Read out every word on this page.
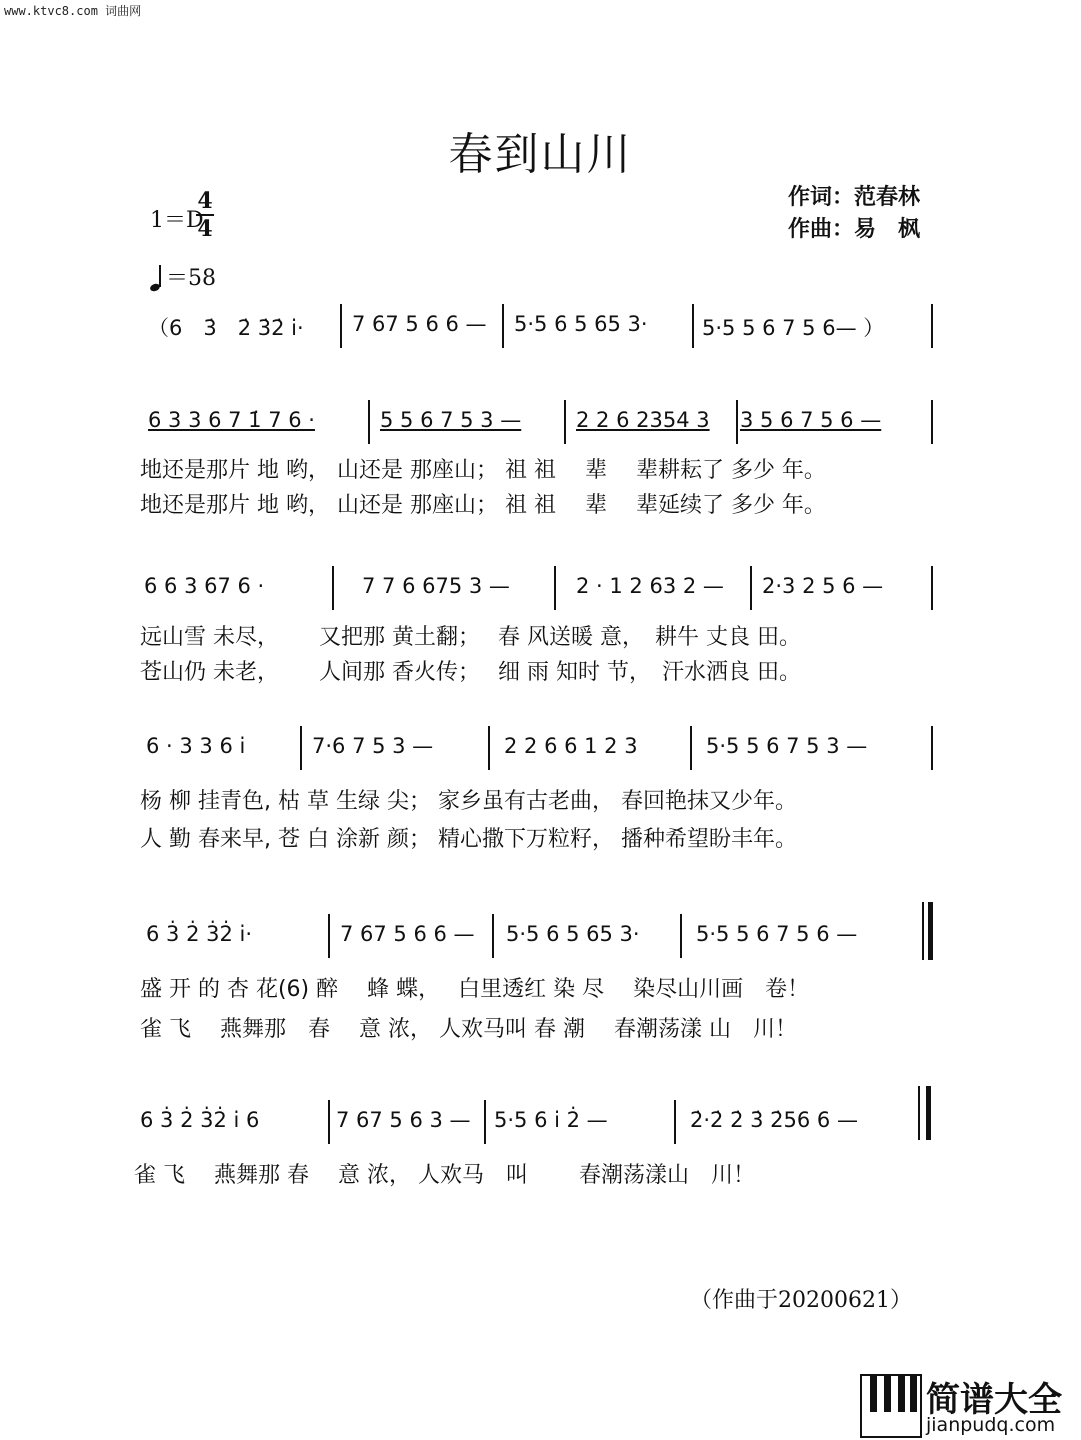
www.ktvc8.com 词曲网
春到山川
作词：范春林
作曲：易　枫
1＝D
4
4
＝58
（6　3̇　2̇ 3̇2̇ i· 7 67 5 6 6 — 5·5 6 5 65 3·	5·5 5 6 7 5 6— ）
6 3 3 6 7 1̇ 7 6 ·	5 5 6 7 5 3 —	2 2 6 2354 3 3 5 6 7 5 6 —
地还是那片 地 哟， 山还是 那座山； 祖 祖　 辈　 辈耕耘了 多少 年。
地还是那片 地 哟， 山还是 那座山； 祖 祖　 辈　 辈延续了 多少 年。
6 6 3 67 6 ·	7 7 6 675 3 —	2 · 1 2 63 2 — 2·3 2 5 6 —
远山雪 未尽，　　 又把那 黄土翻；　 春 风送暖 意，　耕牛 丈良 田。
苍山仍 未老，　　 人间那 香火传；　 细 雨 知时 节，　汗水洒良 田。
6 · 3 3 6 i	7·6 7 5 3 —	2 2 6 6 1 2 3	5·5 5 6 7 5 3 —
杨 柳 挂青色, 枯 草 生绿 尖； 家乡虽有古老曲， 春回艳抹又少年。
人 勤 春来早, 苍 白 涂新 颜； 精心撒下万粒籽， 播种希望盼丰年。
6 3̇ 2̇ 3̇2̇ i·	7 67 5 6 6 — 5·5 6 5 65 3·	5·5 5 6 7 5 6 —
盛 开 的 杏 花(6) 醉　 蜂 蝶，　 白里透红 染 尽　 染尽山川画　卷！
雀 飞　 燕舞那　春　 意 浓， 人欢马叫 春 潮　 春潮荡漾 山　川！
6 3̇ 2̇ 3̇2̇ i 6	7 67 5 6 3 — 5·5 6 i 2̇ —	2̇·2̇ 2̇ 3̇ 2̇56 6 —
雀 飞　 燕舞那 春　 意 浓， 人欢马　叫　　 春潮荡漾山　川！
（作曲于20200621）
简谱大全
jianpudq.com
